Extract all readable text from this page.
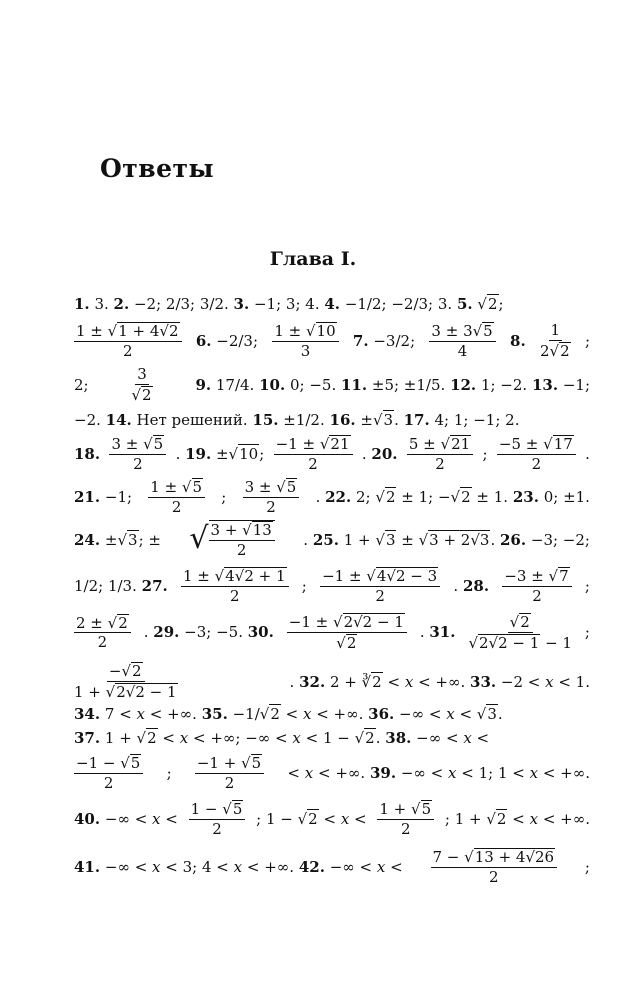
Ответы
Глава I.
1. 3. 2. −2; 2/3; 3/2. 3. −1; 3; 4. 4. −1/2; −2/3; 3. 5. √2;
1 ± √1 + 4√2
2
6. −2/3;
1 ± √10
3
7. −3/2;
3 ± 3√5
4
8.
1
2√2
;
2;
3
√2
9. 17/4. 10. 0; −5. 11. ±5; ±1/5. 12. 1; −2. 13. −1;
−2. 14. Нет решений. 15. ±1/2. 16. ±√3. 17. 4; 1; −1; 2.
18.
3 ± √5
2
. 19. ±√10;
−1 ± √21
2
. 20.
5 ± √21
2
;
−5 ± √17
2
.
21. −1;
1 ± √5
2
;
3 ± √5
2
. 22. 2; √2 ± 1; −√2 ± 1. 23. 0; ±1.
24. ±√3; ± √ 3 + √13
2
. 25. 1 + √3 ± √3 + 2√3. 26. −3; −2;
1/2; 1/3. 27.
1 ± √4√2 + 1
2
;
−1 ± √4√2 − 3
2
. 28.
−3 ± √7
2
;
2 ± √2
2
. 29. −3; −5. 30.
−1 ± √2√2 − 1
√2
. 31.
√2
√2√2 − 1 − 1
;
−√2
1 + √2√2 − 1
. 32. 2 + ∛2 < x < +∞. 33. −2 < x < 1.
34. 7 < x < +∞. 35. −1/√2 < x < +∞. 36. −∞ < x < √3.
37. 1 + √2 < x < +∞; −∞ < x < 1 − √2. 38. −∞ < x <
−1 − √5
2
;
−1 + √5
2
< x < +∞. 39. −∞ < x < 1; 1 < x < +∞.
40. −∞ < x <
1 − √5
2
; 1 − √2 < x <
1 + √5
2
; 1 + √2 < x < +∞.
41. −∞ < x < 3; 4 < x < +∞. 42. −∞ < x <
7 − √13 + 4√26
2
;
